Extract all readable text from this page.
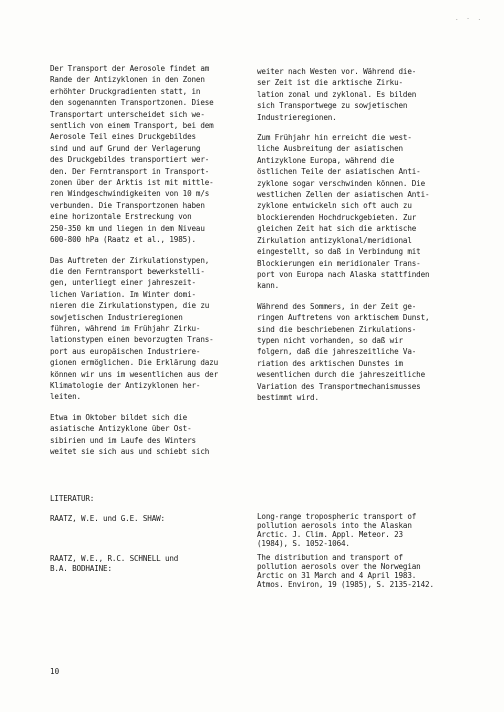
. - .

Der Transport der Aerosole findet am
Rande der Antizyklonen in den Zonen
erhöhter Druckgradienten statt, in
den sogenannten Transportzonen. Diese
Transportart unterscheidet sich we-
sentlich von einem Transport, bei dem
Aerosole Teil eines Druckgebildes
sind und auf Grund der Verlagerung
des Druckgebildes transportiert wer-
den. Der Ferntransport in Transport-
zonen über der Arktis ist mit mittle-
ren Windgeschwindigkeiten von 10 m/s
verbunden. Die Transportzonen haben
eine horizontale Erstreckung von
250-350 km und liegen in dem Niveau
600-800 hPa (Raatz et al., 1985).

Das Auftreten der Zirkulationstypen,
die den Ferntransport bewerkstelli-
gen, unterliegt einer jahreszeit-
lichen Variation. Im Winter domi-
nieren die Zirkulationstypen, die zu
sowjetischen Industrieregionen
führen, während im Frühjahr Zirku-
lationstypen einen bevorzugten Trans-
port aus europäischen Industriere-
gionen ermöglichen. Die Erklärung dazu
können wir uns im wesentlichen aus der
Klimatologie der Antizyklonen her-
leiten.

Etwa im Oktober bildet sich die
asiatische Antizyklone über Ost-
sibirien und im Laufe des Winters
weitet sie sich aus und schiebt sich

weiter nach Westen vor. Während die-
ser Zeit ist die arktische Zirku-
lation zonal und zyklonal. Es bilden
sich Transportwege zu sowjetischen
Industrieregionen.

Zum Frühjahr hin erreicht die west-
liche Ausbreitung der asiatischen
Antizyklone Europa, während die
östlichen Teile der asiatischen Anti-
zyklone sogar verschwinden können. Die
westlichen Zellen der asiatischen Anti-
zyklone entwickeln sich oft auch zu
blockierenden Hochdruckgebieten. Zur
gleichen Zeit hat sich die arktische
Zirkulation antizyklonal/meridional
eingestellt, so daß in Verbindung mit
Blockierungen ein meridionaler Trans-
port von Europa nach Alaska stattfinden
kann.

Während des Sommers, in der Zeit ge-
ringen Auftretens von arktischem Dunst,
sind die beschriebenen Zirkulations-
typen nicht vorhanden, so daß wir
folgern, daß die jahreszeitliche Va-
riation des arktischen Dunstes im
wesentlichen durch die jahreszeitliche
Variation des Transportmechanismusses
bestimmt wird.

LITERATUR:
RAATZ, W.E. und G.E. SHAW:	Long-range tropospheric transport of
pollution aerosols into the Alaskan
Arctic. J. Clim. Appl. Meteor. 23
(1984), S. 1052-1064.
RAATZ, W.E., R.C. SCHNELL und
B.A. BODHAINE:
The distribution and transport of
pollution aerosols over the Norwegian
Arctic on 31 March and 4 April 1983.
Atmos. Environ, 19 (1985), S. 2135-2142.
10
